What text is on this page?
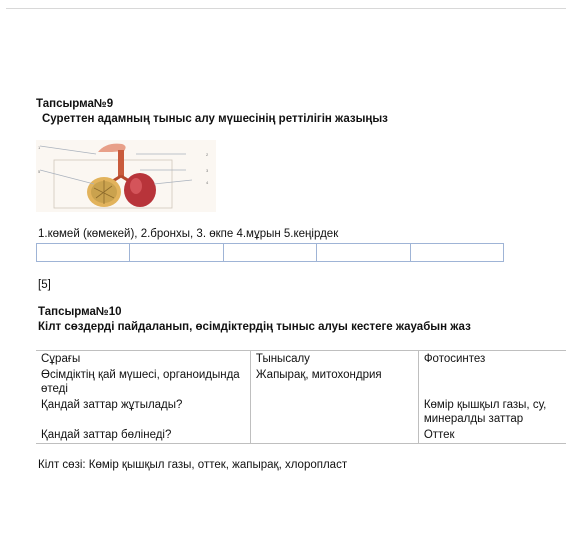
Тапсырма№9
Суреттен адамның тыныс алу мүшесінің реттілігін жазыңыз
1
5
2
3
4
1.көмей (көмекей), 2.бронхы, 3. өкпе 4.мұрын 5.кеңірдек
[5]
Тапсырма№10
Кілт сөздерді пайдаланып, өсімдіктердің тыныс алуы кестеге жауабын жаз
Сұрағы	Тынысалу	Фотосинтез
Өсімдіктің қай мүшесі, органоидында өтеді	Жапырақ, митохондрия	
Қандай заттар жұтылады?		Көмір қышқыл газы, су, минералды заттар
Қандай заттар бөлінеді?		Оттек
Кілт сөзі: Көмір қышқыл газы, оттек, жапырақ, хлоропласт
